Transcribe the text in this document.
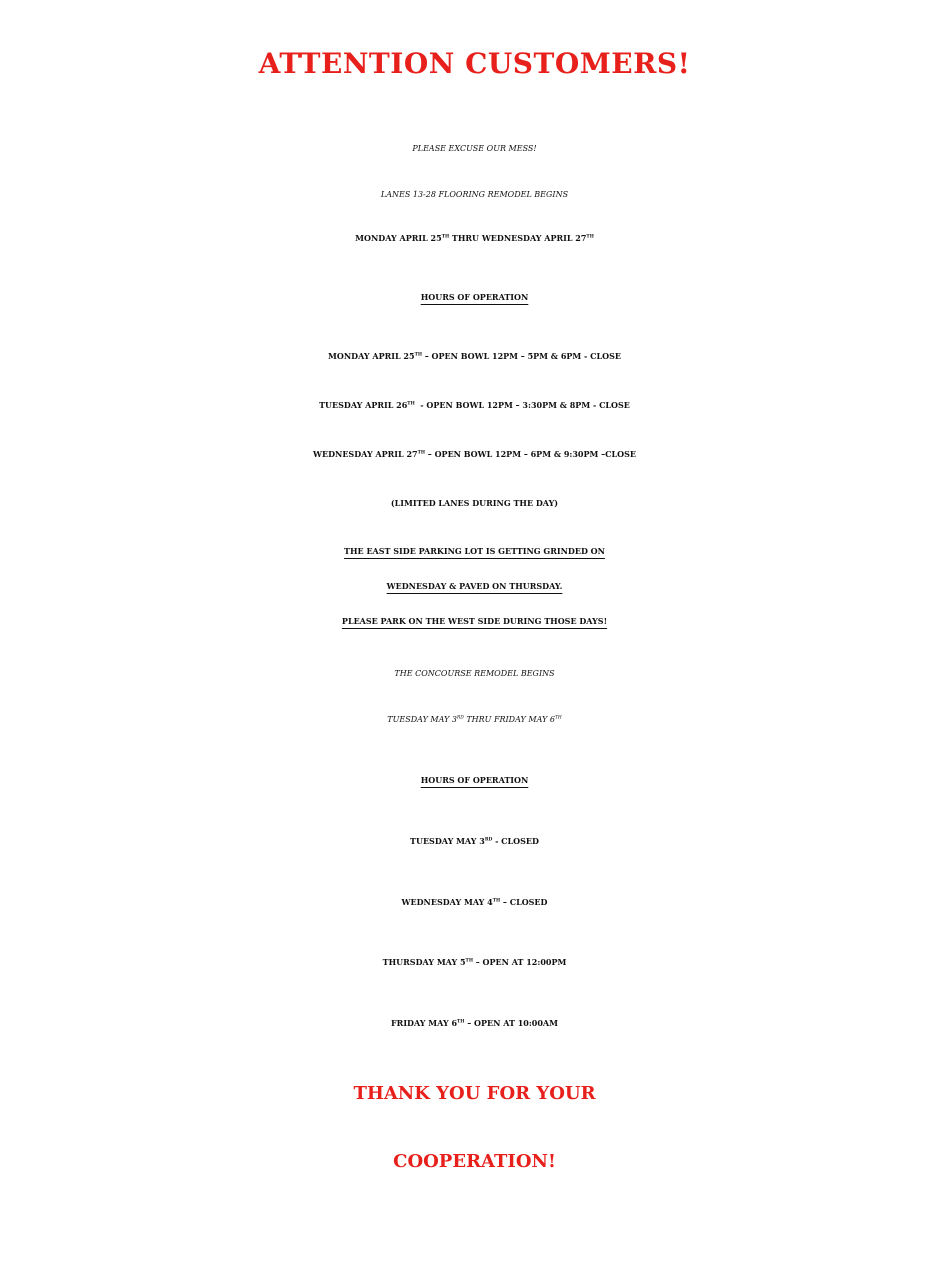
ATTENTION CUSTOMERS!
PLEASE EXCUSE OUR MESS!
LANES 13-28 FLOORING REMODEL BEGINS
MONDAY APRIL 25TH THRU WEDNESDAY APRIL 27TH
HOURS OF OPERATION
MONDAY APRIL 25TH – OPEN BOWL 12PM – 5PM & 6PM - CLOSE
TUESDAY APRIL 26TH  - OPEN BOWL 12PM – 3:30PM & 8PM - CLOSE
WEDNESDAY APRIL 27TH – OPEN BOWL 12PM – 6PM & 9:30PM –CLOSE
(LIMITED LANES DURING THE DAY)
THE EAST SIDE PARKING LOT IS GETTING GRINDED ON
WEDNESDAY & PAVED ON THURSDAY.
PLEASE PARK ON THE WEST SIDE DURING THOSE DAYS!
THE CONCOURSE REMODEL BEGINS
TUESDAY MAY 3RD THRU FRIDAY MAY 6TH
HOURS OF OPERATION
TUESDAY MAY 3RD - CLOSED
WEDNESDAY MAY 4TH – CLOSED
THURSDAY MAY 5TH – OPEN AT 12:00PM
FRIDAY MAY 6TH – OPEN AT 10:00AM
THANK YOU FOR YOUR
COOPERATION!
